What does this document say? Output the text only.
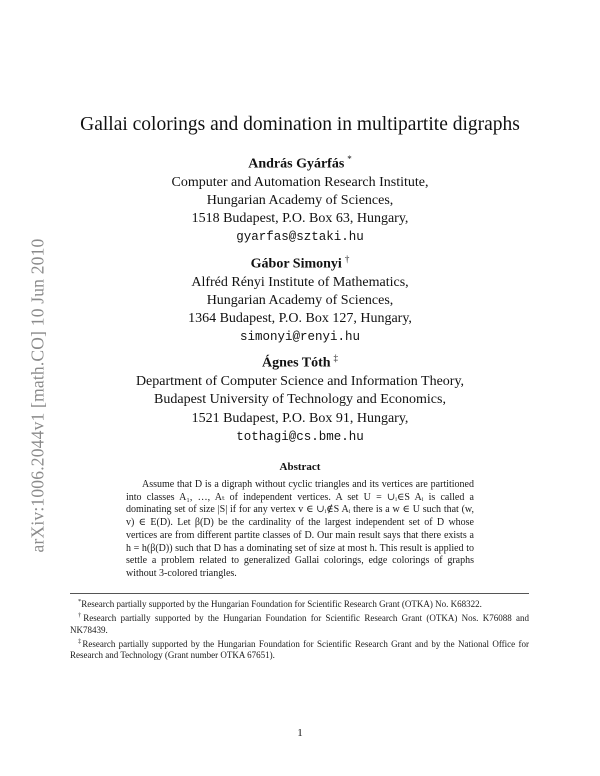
arXiv:1006.2044v1 [math.CO] 10 Jun 2010
Gallai colorings and domination in multipartite digraphs
András Gyárfás *
Computer and Automation Research Institute,
Hungarian Academy of Sciences,
1518 Budapest, P.O. Box 63, Hungary,
gyarfas@sztaki.hu
Gábor Simonyi †
Alfréd Rényi Institute of Mathematics,
Hungarian Academy of Sciences,
1364 Budapest, P.O. Box 127, Hungary,
simonyi@renyi.hu
Ágnes Tóth ‡
Department of Computer Science and Information Theory,
Budapest University of Technology and Economics,
1521 Budapest, P.O. Box 91, Hungary,
tothagi@cs.bme.hu
Abstract

Assume that D is a digraph without cyclic triangles and its vertices are partitioned into classes A₁, …, Aₜ of independent vertices. A set U = ∪ᵢ∈S Aᵢ is called a dominating set of size |S| if for any vertex v ∈ ∪ᵢ∉S Aᵢ there is a w ∈ U such that (w, v) ∈ E(D). Let β(D) be the cardinality of the largest independent set of D whose vertices are from different partite classes of D. Our main result says that there exists a h = h(β(D)) such that D has a dominating set of size at most h. This result is applied to settle a problem related to generalized Gallai colorings, edge colorings of graphs without 3-colored triangles.

*Research partially supported by the Hungarian Foundation for Scientific Research Grant (OTKA) No. K68322.

†Research partially supported by the Hungarian Foundation for Scientific Research Grant (OTKA) Nos. K76088 and NK78439.

‡Research partially supported by the Hungarian Foundation for Scientific Research Grant and by the National Office for Research and Technology (Grant number OTKA 67651).

1
